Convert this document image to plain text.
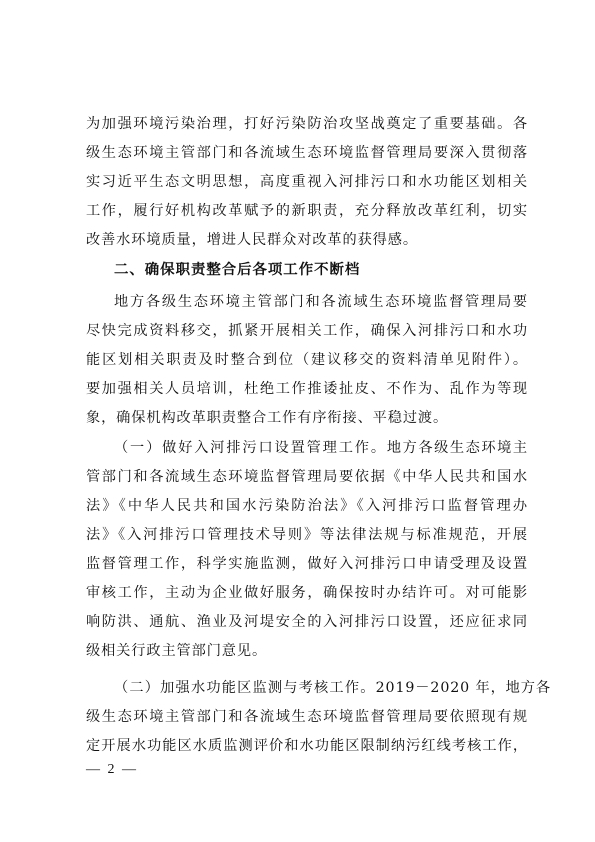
为加强环境污染治理，打好污染防治攻坚战奠定了重要基础。各
级生态环境主管部门和各流域生态环境监督管理局要深入贯彻落
实习近平生态文明思想，高度重视入河排污口和水功能区划相关
工作，履行好机构改革赋予的新职责，充分释放改革红利，切实
改善水环境质量，增进人民群众对改革的获得感。
二、确保职责整合后各项工作不断档
地方各级生态环境主管部门和各流域生态环境监督管理局要
尽快完成资料移交，抓紧开展相关工作，确保入河排污口和水功
能区划相关职责及时整合到位（建议移交的资料清单见附件）。
要加强相关人员培训，杜绝工作推诿扯皮、不作为、乱作为等现
象，确保机构改革职责整合工作有序衔接、平稳过渡。
（一）做好入河排污口设置管理工作。地方各级生态环境主
管部门和各流域生态环境监督管理局要依据《中华人民共和国水
法》《中华人民共和国水污染防治法》《入河排污口监督管理办
法》《入河排污口管理技术导则》等法律法规与标准规范，开展
监督管理工作，科学实施监测，做好入河排污口申请受理及设置
审核工作，主动为企业做好服务，确保按时办结许可。对可能影
响防洪、通航、渔业及河堤安全的入河排污口设置，还应征求同
级相关行政主管部门意见。
（二）加强水功能区监测与考核工作。2019－2020 年，地方各
级生态环境主管部门和各流域生态环境监督管理局要依照现有规
定开展水功能区水质监测评价和水功能区限制纳污红线考核工作，
— 2 —
